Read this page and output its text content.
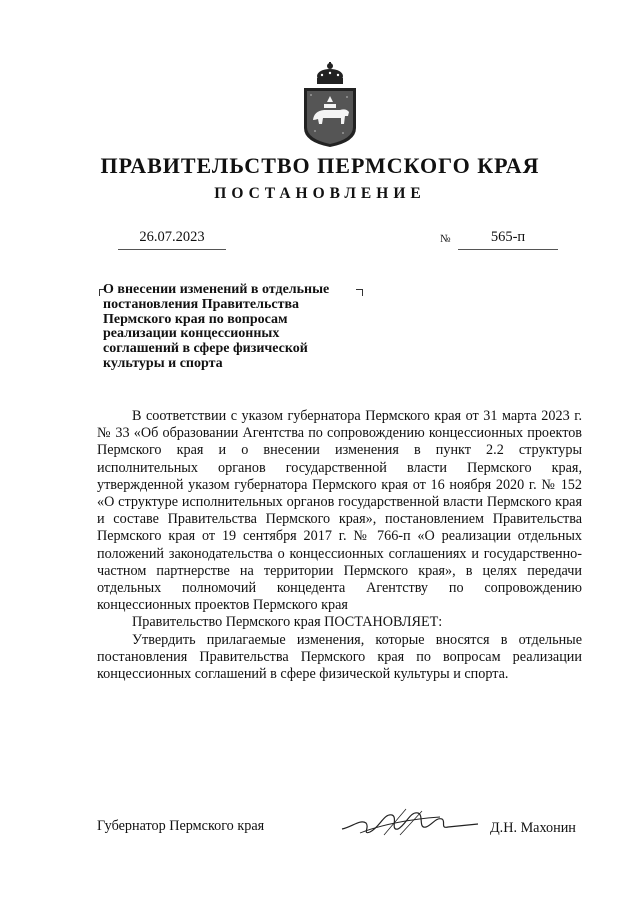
ПРАВИТЕЛЬСТВО ПЕРМСКОГО КРАЯ
ПОСТАНОВЛЕНИЕ
26.07.2023	№	565-п
О внесении изменений в отдельные
постановления Правительства
Пермского края по вопросам
реализации концессионных
соглашений в сфере физической
культуры и спорта

В соответствии с указом губернатора Пермского края от 31 марта 2023 г. № 33 «Об образовании Агентства по сопровождению концессионных проектов Пермского края и о внесении изменения в пункт 2.2 структуры исполнительных органов государственной власти Пермского края, утвержденной указом губернатора Пермского края от 16 ноября 2020 г. № 152 «О структуре исполнительных органов государственной власти Пермского края и составе Правительства Пермского края», постановлением Правительства Пермского края от 19 сентября 2017 г. № 766-п «О реализации отдельных положений законодательства о концессионных соглашениях и государственно-частном партнерстве на территории Пермского края», в целях передачи отдельных полномочий концедента Агентству по сопровождению концессионных проектов Пермского края

Правительство Пермского края ПОСТАНОВЛЯЕТ:

Утвердить прилагаемые изменения, которые вносятся в отдельные постановления Правительства Пермского края по вопросам реализации концессионных соглашений в сфере физической культуры и спорта.

Губернатор Пермского края	Д.Н. Махонин
